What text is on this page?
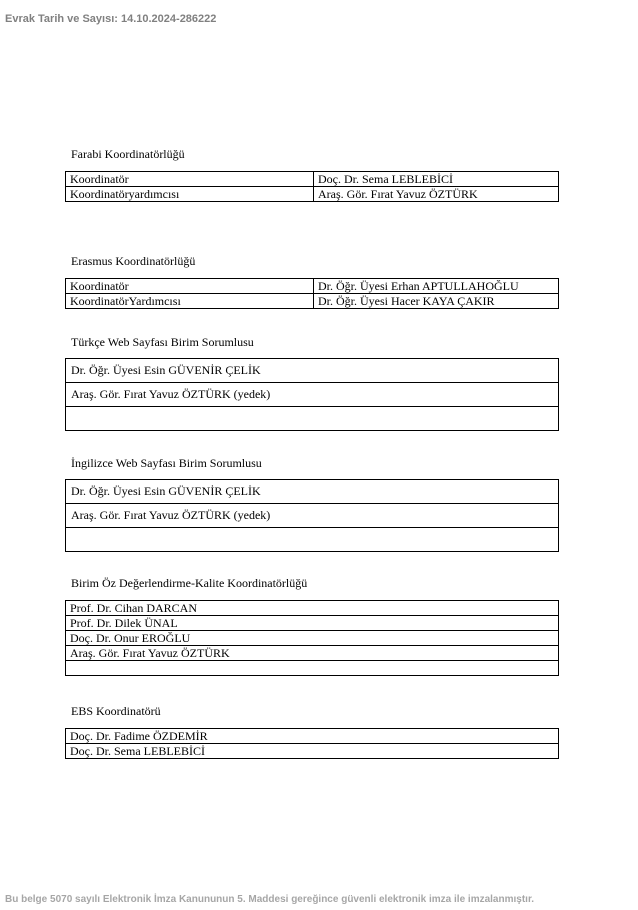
Evrak Tarih ve Sayısı: 14.10.2024-286222
Farabi Koordinatörlüğü
Koordinatör	Doç. Dr. Sema LEBLEBİCİ
Koordinatöryardımcısı	Araş. Gör. Fırat Yavuz ÖZTÜRK
Erasmus Koordinatörlüğü
Koordinatör	Dr. Öğr. Üyesi Erhan APTULLAHOĞLU
KoordinatörYardımcısı	Dr. Öğr. Üyesi Hacer KAYA ÇAKIR
Türkçe Web Sayfası Birim Sorumlusu
Dr. Öğr. Üyesi Esin GÜVENİR ÇELİK
Araş. Gör. Fırat Yavuz ÖZTÜRK (yedek)

İngilizce Web Sayfası Birim Sorumlusu
Dr. Öğr. Üyesi Esin GÜVENİR ÇELİK
Araş. Gör. Fırat Yavuz ÖZTÜRK (yedek)

Birim Öz Değerlendirme-Kalite Koordinatörlüğü
Prof. Dr. Cihan DARCAN
Prof. Dr. Dilek ÜNAL
Doç. Dr. Onur EROĞLU
Araş. Gör. Fırat Yavuz ÖZTÜRK

EBS Koordinatörü
Doç. Dr. Fadime ÖZDEMİR
Doç. Dr. Sema LEBLEBİCİ
Bu belge 5070 sayılı Elektronik İmza Kanununun 5. Maddesi gereğince güvenli elektronik imza ile imzalanmıştır.
